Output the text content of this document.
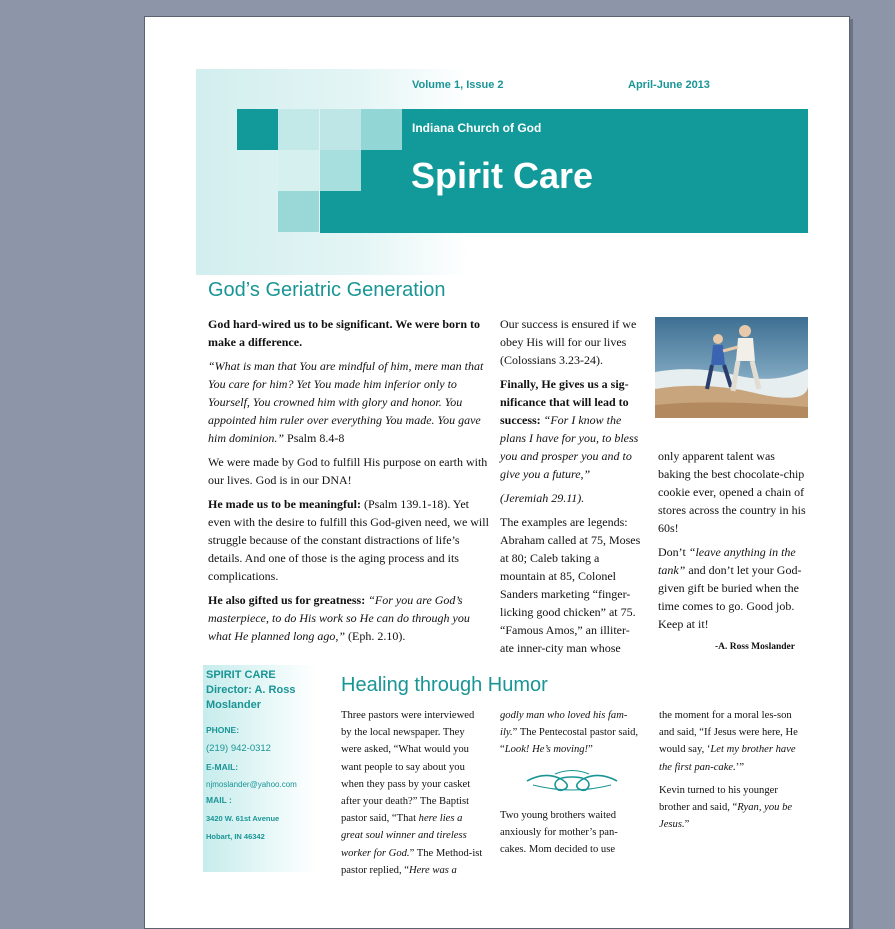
Volume 1, Issue 2	April-June 2013
Indiana Church of God
Spirit Care
God’s Geriatric Generation

God hard-wired us to be significant. We were born to make a difference.

“What is man that You are mindful of him, mere man that You care for him? Yet You made him inferior only to Yourself, You crowned him with glory and honor. You appointed him ruler over everything You made. You gave him dominion.” Psalm 8.4-8

We were made by God to fulfill His purpose on earth with our lives. God is in our DNA!

He made us to be meaningful: (Psalm 139.1-18). Yet even with the desire to fulfill this God-given need, we will struggle because of the constant distractions of life’s details. And one of those is the aging process and its complications.

He also gifted us for greatness: “For you are God’s masterpiece, to do His work so He can do through you what He planned long ago,” (Eph. 2.10).

Our success is ensured if we obey His will for our lives (Colossians 3.23-24).

Finally, He gives us a sig-nificance that will lead to success: “For I know the plans I have for you, to bless you and prosper you and to give you a future,”

(Jeremiah 29.11).

The examples are legends: Abraham called at 75, Moses at 80; Caleb taking a mountain at 85, Colonel Sanders marketing “finger-licking good chicken” at 75. “Famous Amos,” an illiter-ate inner-city man whose

only apparent talent was baking the best chocolate-chip cookie ever, opened a chain of stores across the country in his 60s!

Don’t “leave anything in the tank” and don’t let your God-given gift be buried when the time comes to go. Good job. Keep at it!

-A. Ross Moslander
SPIRIT CARE
Director: A. Ross Moslander
PHONE:
(219) 942-0312
E-MAIL:
njmoslander@yahoo.com
MAIL :
3420 W. 61st Avenue
Hobart, IN 46342
Healing through Humor

Three pastors were interviewed by the local newspaper. They were asked, “What would you want people to say about you when they pass by your casket after your death?” The Baptist pastor said, “That here lies a great soul winner and tireless worker for God.” The Method-ist pastor replied, “Here was a

godly man who loved his fam-ily.” The Pentecostal pastor said, “Look! He’s moving!”

Two young brothers waited anxiously for mother’s pan-cakes. Mom decided to use

the moment for a moral les-son and said, “If Jesus were here, He would say, ‘Let my brother have the first pan-cake.’”

Kevin turned to his younger brother and said, “Ryan, you be Jesus.”
